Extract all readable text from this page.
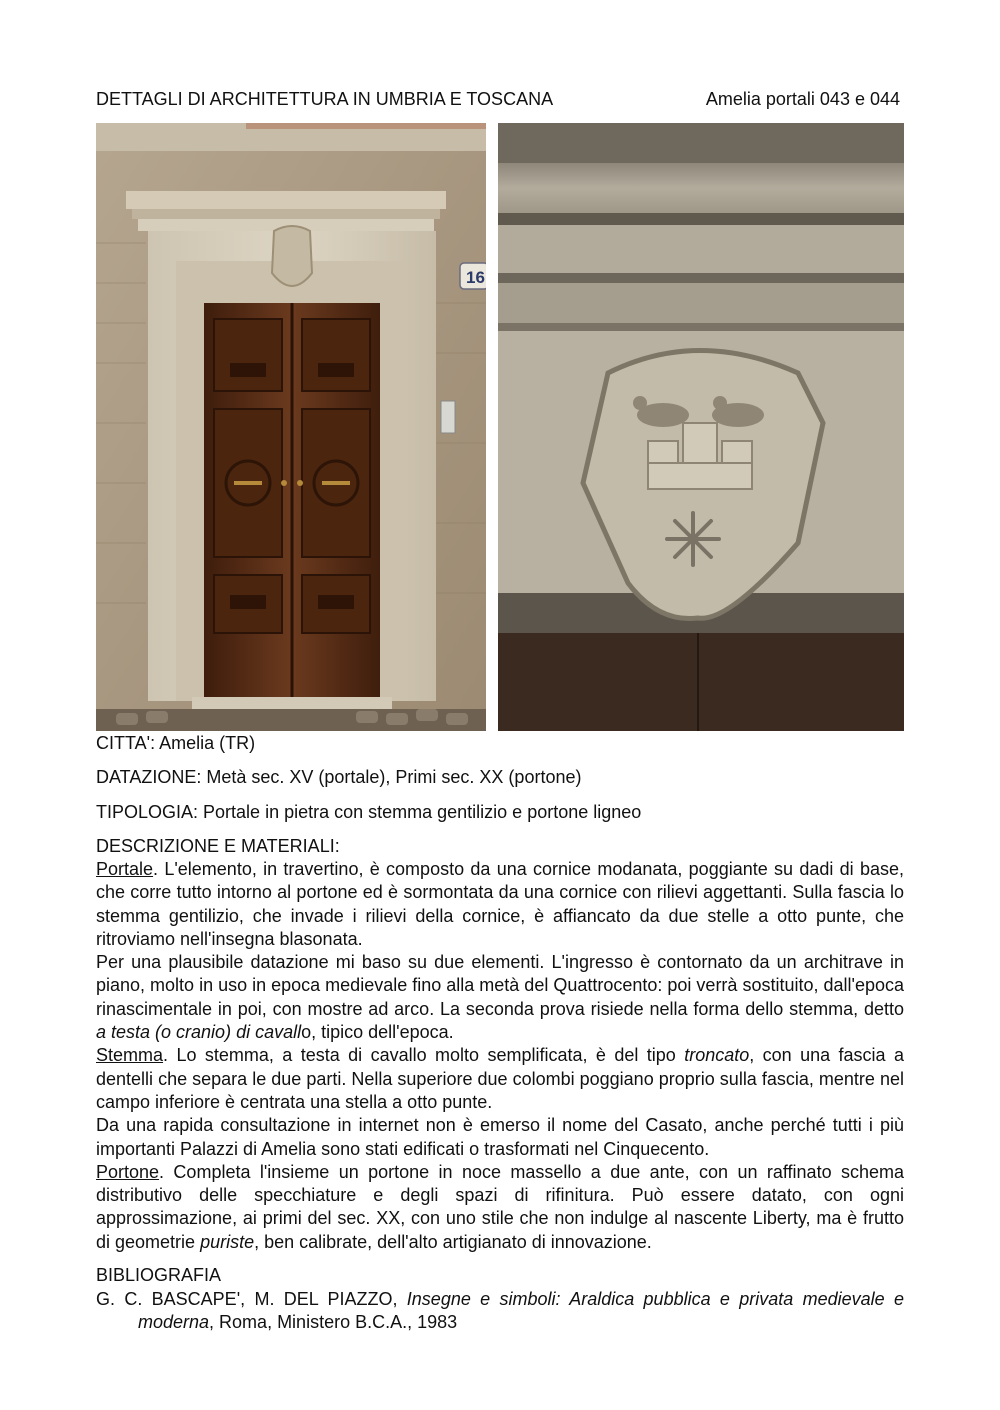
DETTAGLI DI ARCHITETTURA IN UMBRIA E TOSCANA	Amelia portali 043 e 044
16
CITTA': Amelia (TR)
DATAZIONE: Metà sec. XV (portale), Primi sec. XX (portone)
TIPOLOGIA: Portale in pietra con stemma gentilizio e portone ligneo
DESCRIZIONE E MATERIALI:

Portale. L'elemento, in travertino, è composto da una cornice modanata, poggiante su dadi di base, che corre tutto intorno al portone ed è sormontata da una cornice con rilievi aggettanti. Sulla fascia lo stemma gentilizio, che invade i rilievi della cornice, è affiancato da due stelle a otto punte, che ritroviamo nell'insegna blasonata.

Per una plausibile datazione mi baso su due elementi. L'ingresso è contornato da un architrave in piano, molto in uso in epoca medievale fino alla metà del Quattrocento: poi verrà sostituito, dall'epoca rinascimentale in poi, con mostre ad arco. La seconda prova risiede nella forma dello stemma, detto a testa (o cranio) di cavallo, tipico dell'epoca.

Stemma. Lo stemma, a testa di cavallo molto semplificata, è del tipo troncato, con una fascia a dentelli che separa le due parti. Nella superiore due colombi poggiano proprio sulla fascia, mentre nel campo inferiore è centrata una stella a otto punte.

Da una rapida consultazione in internet non è emerso il nome del Casato, anche perché tutti i più importanti Palazzi di Amelia sono stati edificati o trasformati nel Cinquecento.

Portone. Completa l'insieme un portone in noce massello a due ante, con un raffinato schema distributivo delle specchiature e degli spazi di rifinitura. Può essere datato, con ogni approssimazione, ai primi del sec. XX, con uno stile che non indulge al nascente Liberty, ma è frutto di geometrie puriste, ben calibrate, dell'alto artigianato di innovazione.

BIBLIOGRAFIA
G. C. BASCAPE', M. DEL PIAZZO, Insegne e simboli: Araldica pubblica e privata medievale e moderna, Roma, Ministero B.C.A., 1983
